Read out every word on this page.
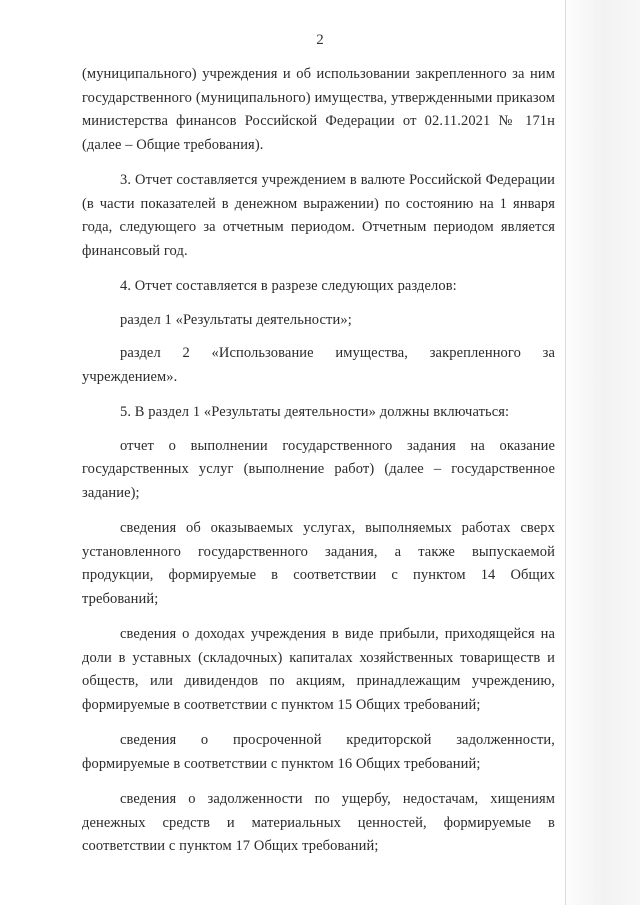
2

(муниципального) учреждения и об использовании закрепленного за ним государственного (муниципального) имущества, утвержденными приказом министерства финансов Российской Федерации от 02.11.2021 № 171н (далее – Общие требования).

3. Отчет составляется учреждением в валюте Российской Федерации (в части показателей в денежном выражении) по состоянию на 1 января года, следующего за отчетным периодом. Отчетным периодом является финансовый год.

4. Отчет составляется в разрезе следующих разделов:

раздел 1 «Результаты деятельности»;

раздел 2 «Использование имущества, закрепленного за учреждением».

5. В раздел 1 «Результаты деятельности» должны включаться:

отчет о выполнении государственного задания на оказание государственных услуг (выполнение работ) (далее – государственное задание);

сведения об оказываемых услугах, выполняемых работах сверх установленного государственного задания, а также выпускаемой продукции, формируемые в соответствии с пунктом 14 Общих требований;

сведения о доходах учреждения в виде прибыли, приходящейся на доли в уставных (складочных) капиталах хозяйственных товариществ и обществ, или дивидендов по акциям, принадлежащим учреждению, формируемые в соответствии с пунктом 15 Общих требований;

сведения о просроченной кредиторской задолженности, формируемые в соответствии с пунктом 16 Общих требований;

сведения о задолженности по ущербу, недостачам, хищениям денежных средств и материальных ценностей, формируемые в соответствии с пунктом 17 Общих требований;
